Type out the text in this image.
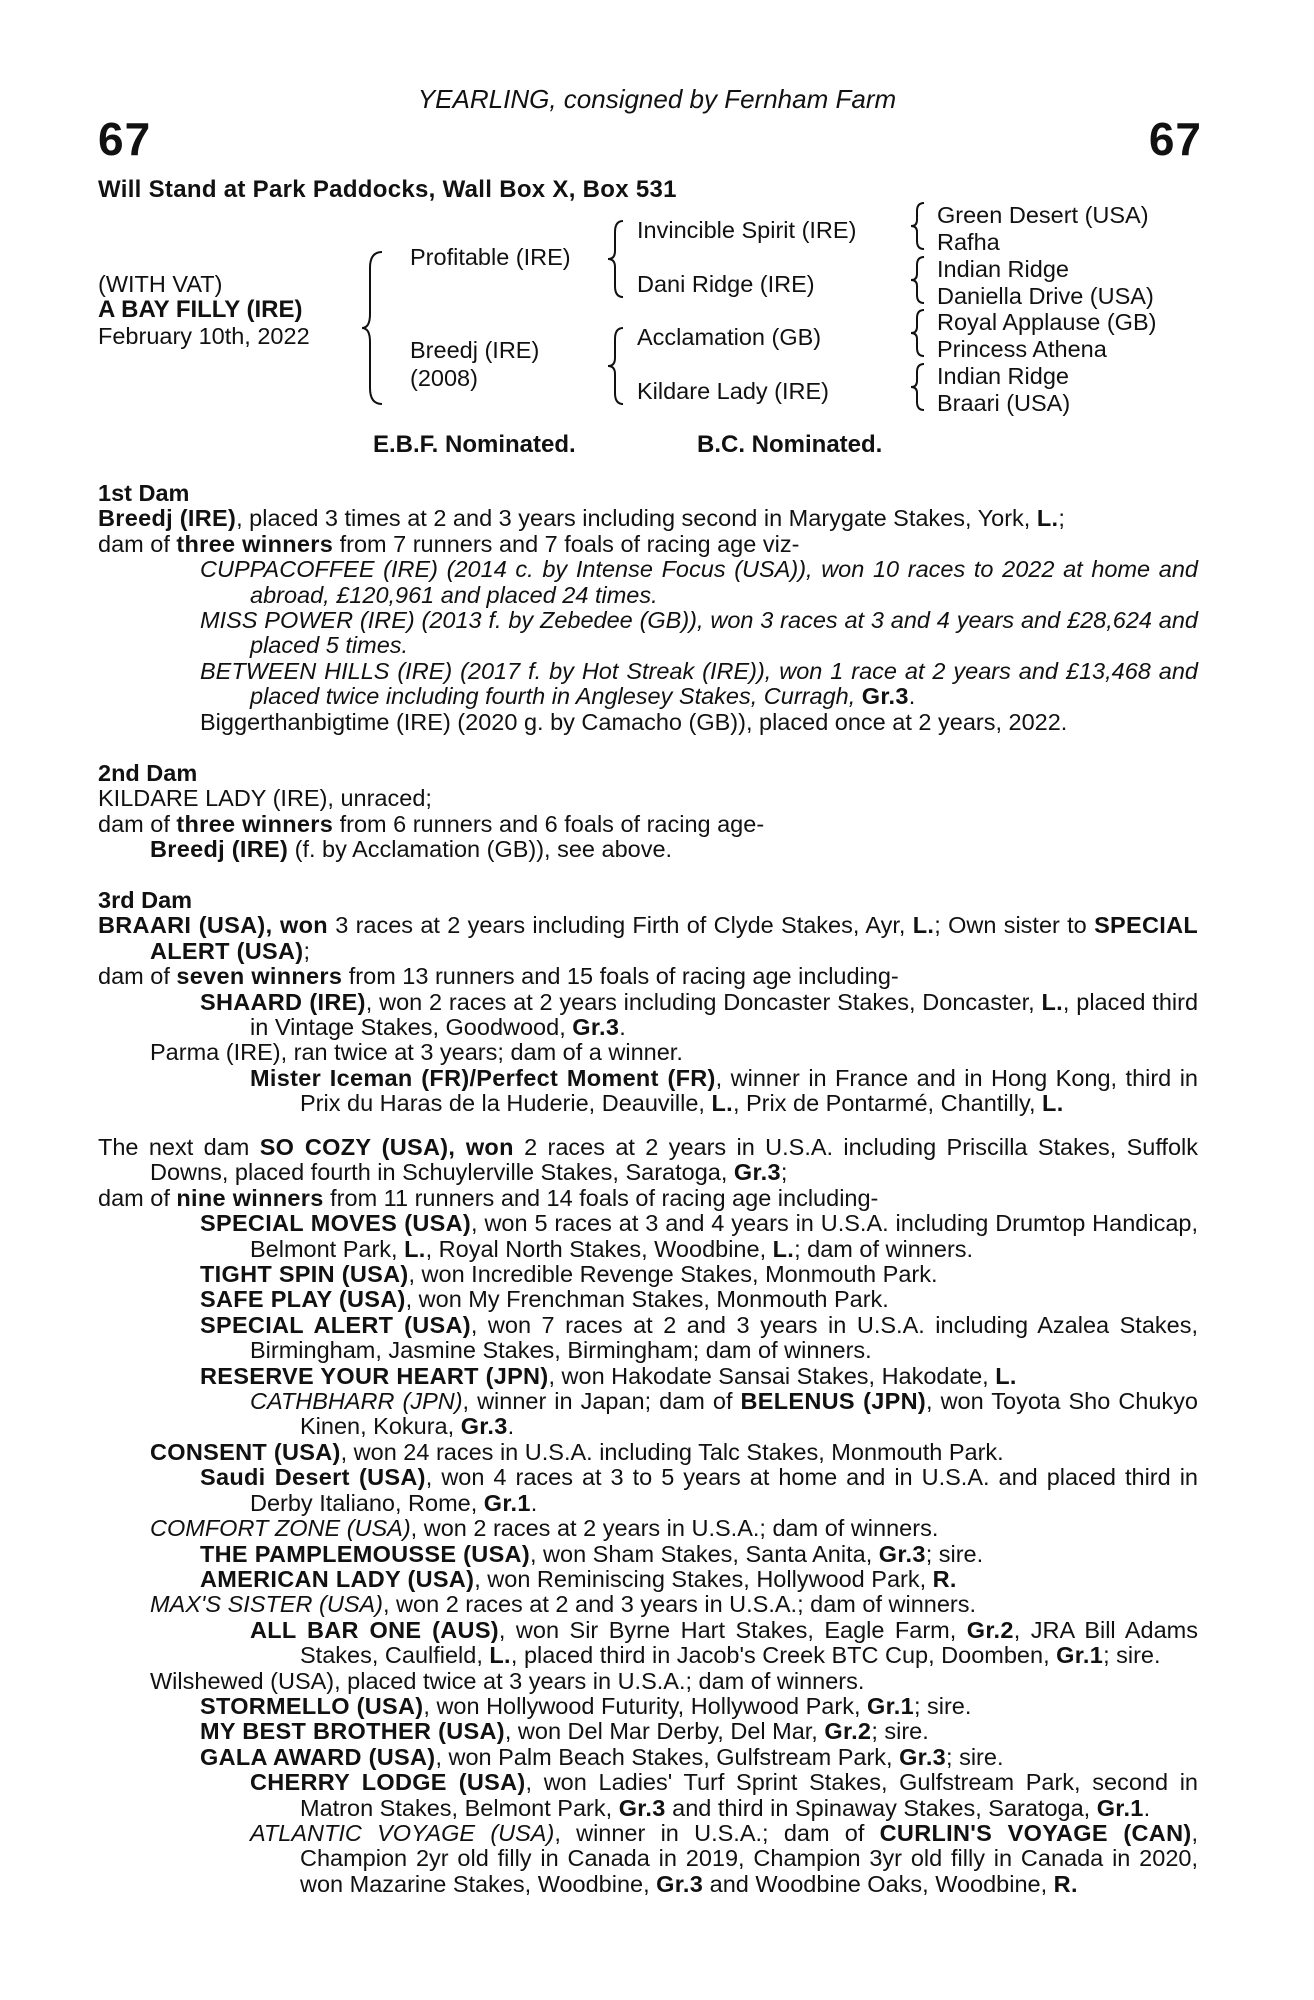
YEARLING, consigned by Fernham Farm
67	67
Will Stand at Park Paddocks, Wall Box X, Box 531
(WITH VAT)
A BAY FILLY (IRE)
February 10th, 2022
Profitable (IRE)
Breedj (IRE)
(2008)
Invincible Spirit (IRE)
Dani Ridge (IRE)
Acclamation (GB)
Kildare Lady (IRE)
Green Desert (USA)
Rafha
Indian Ridge
Daniella Drive (USA)
Royal Applause (GB)
Princess Athena
Indian Ridge
Braari (USA)
E.B.F. Nominated.	B.C. Nominated.

1st Dam

Breedj (IRE), placed 3 times at 2 and 3 years including second in Marygate Stakes, York, L.;

dam of three winners from 7 runners and 7 foals of racing age viz-

CUPPACOFFEE (IRE) (2014 c. by Intense Focus (USA)), won 10 races to 2022 at home and abroad, £120,961 and placed 24 times.

MISS POWER (IRE) (2013 f. by Zebedee (GB)), won 3 races at 3 and 4 years and £28,624 and placed 5 times.

BETWEEN HILLS (IRE) (2017 f. by Hot Streak (IRE)), won 1 race at 2 years and £13,468 and placed twice including fourth in Anglesey Stakes, Curragh, Gr.3.

Biggerthanbigtime (IRE) (2020 g. by Camacho (GB)), placed once at 2 years, 2022.

2nd Dam

KILDARE LADY (IRE), unraced;

dam of three winners from 6 runners and 6 foals of racing age-

Breedj (IRE) (f. by Acclamation (GB)), see above.

3rd Dam

BRAARI (USA), won 3 races at 2 years including Firth of Clyde Stakes, Ayr, L.; Own sister to SPECIAL ALERT (USA);

dam of seven winners from 13 runners and 15 foals of racing age including-

SHAARD (IRE), won 2 races at 2 years including Doncaster Stakes, Doncaster, L., placed third in Vintage Stakes, Goodwood, Gr.3.

Parma (IRE), ran twice at 3 years; dam of a winner.

Mister Iceman (FR)/Perfect Moment (FR), winner in France and in Hong Kong, third in Prix du Haras de la Huderie, Deauville, L., Prix de Pontarmé, Chantilly, L.

The next dam SO COZY (USA), won 2 races at 2 years in U.S.A. including Priscilla Stakes, Suffolk Downs, placed fourth in Schuylerville Stakes, Saratoga, Gr.3;

dam of nine winners from 11 runners and 14 foals of racing age including-

SPECIAL MOVES (USA), won 5 races at 3 and 4 years in U.S.A. including Drumtop Handicap, Belmont Park, L., Royal North Stakes, Woodbine, L.; dam of winners.

TIGHT SPIN (USA), won Incredible Revenge Stakes, Monmouth Park.

SAFE PLAY (USA), won My Frenchman Stakes, Monmouth Park.

SPECIAL ALERT (USA), won 7 races at 2 and 3 years in U.S.A. including Azalea Stakes, Birmingham, Jasmine Stakes, Birmingham; dam of winners.

RESERVE YOUR HEART (JPN), won Hakodate Sansai Stakes, Hakodate, L.

CATHBHARR (JPN), winner in Japan; dam of BELENUS (JPN), won Toyota Sho Chukyo Kinen, Kokura, Gr.3.

CONSENT (USA), won 24 races in U.S.A. including Talc Stakes, Monmouth Park.

Saudi Desert (USA), won 4 races at 3 to 5 years at home and in U.S.A. and placed third in Derby Italiano, Rome, Gr.1.

COMFORT ZONE (USA), won 2 races at 2 years in U.S.A.; dam of winners.

THE PAMPLEMOUSSE (USA), won Sham Stakes, Santa Anita, Gr.3; sire.

AMERICAN LADY (USA), won Reminiscing Stakes, Hollywood Park, R.

MAX'S SISTER (USA), won 2 races at 2 and 3 years in U.S.A.; dam of winners.

ALL BAR ONE (AUS), won Sir Byrne Hart Stakes, Eagle Farm, Gr.2, JRA Bill Adams Stakes, Caulfield, L., placed third in Jacob's Creek BTC Cup, Doomben, Gr.1; sire.

Wilshewed (USA), placed twice at 3 years in U.S.A.; dam of winners.

STORMELLO (USA), won Hollywood Futurity, Hollywood Park, Gr.1; sire.

MY BEST BROTHER (USA), won Del Mar Derby, Del Mar, Gr.2; sire.

GALA AWARD (USA), won Palm Beach Stakes, Gulfstream Park, Gr.3; sire.

CHERRY LODGE (USA), won Ladies' Turf Sprint Stakes, Gulfstream Park, second in Matron Stakes, Belmont Park, Gr.3 and third in Spinaway Stakes, Saratoga, Gr.1.

ATLANTIC VOYAGE (USA), winner in U.S.A.; dam of CURLIN'S VOYAGE (CAN), Champion 2yr old filly in Canada in 2019, Champion 3yr old filly in Canada in 2020, won Mazarine Stakes, Woodbine, Gr.3 and Woodbine Oaks, Woodbine, R.
